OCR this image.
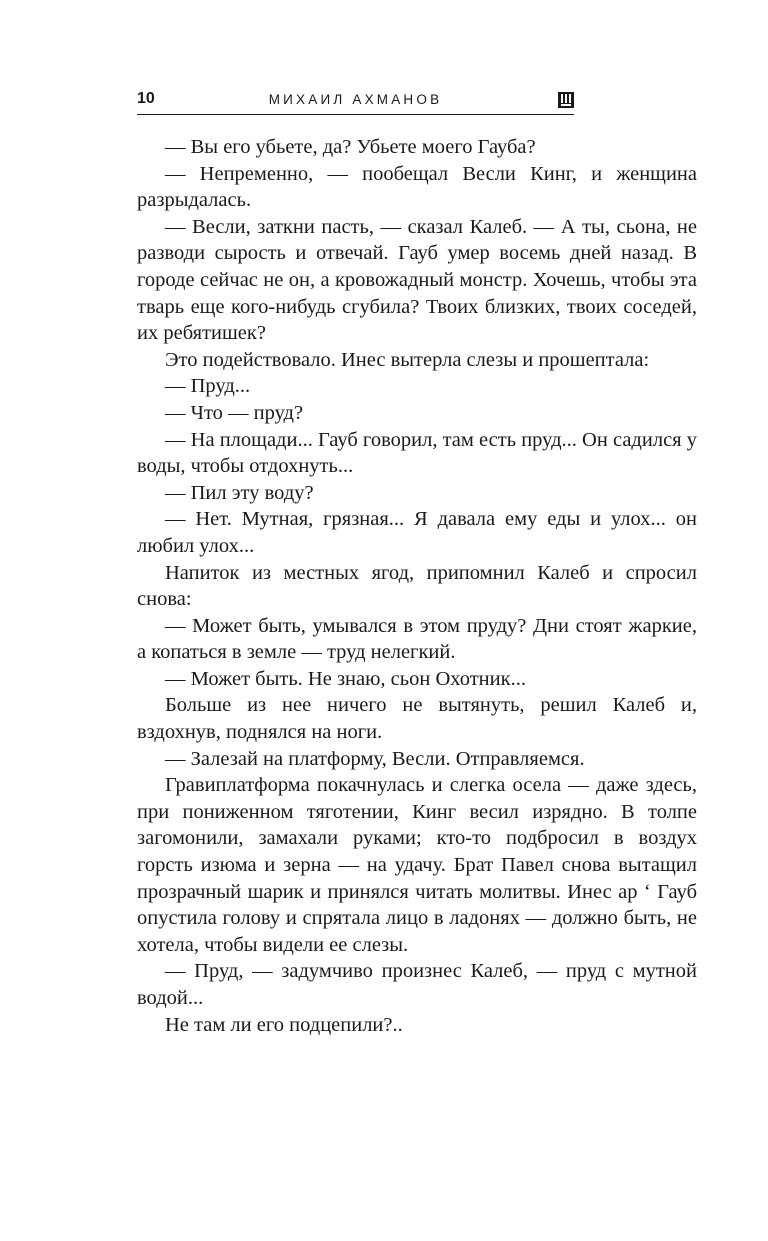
10	МИХАИЛ АХМАНОВ

— Вы его убьете, да? Убьете моего Гауба?

— Непременно, — пообещал Весли Кинг, и женщина разрыдалась.

— Весли, заткни пасть, — сказал Калеб. — А ты, сьона, не разводи сырость и отвечай. Гауб умер восемь дней назад. В городе сейчас не он, а кровожадный монстр. Хочешь, чтобы эта тварь еще кого-нибудь сгубила? Твоих близких, твоих соседей, их ребятишек?

Это подействовало. Инес вытерла слезы и прошептала:

— Пруд...

— Что — пруд?

— На площади... Гауб говорил, там есть пруд... Он садился у воды, чтобы отдохнуть...

— Пил эту воду?

— Нет. Мутная, грязная... Я давала ему еды и улох... он любил улох...

Напиток из местных ягод, припомнил Калеб и спросил снова:

— Может быть, умывался в этом пруду? Дни стоят жаркие, а копаться в земле — труд нелегкий.

— Может быть. Не знаю, сьон Охотник...

Больше из нее ничего не вытянуть, решил Калеб и, вздохнув, поднялся на ноги.

— Залезай на платформу, Весли. Отправляемся.

Гравиплатформа покачнулась и слегка осела — даже здесь, при пониженном тяготении, Кинг весил изрядно. В толпе загомонили, замахали руками; кто-то подбросил в воздух горсть изюма и зерна — на удачу. Брат Павел снова вытащил прозрачный шарик и принялся читать молитвы. Инес ар ‘ Гауб опустила голову и спрятала лицо в ладонях — должно быть, не хотела, чтобы видели ее слезы.

— Пруд, — задумчиво произнес Калеб, — пруд с мутной водой...

Не там ли его подцепили?..
